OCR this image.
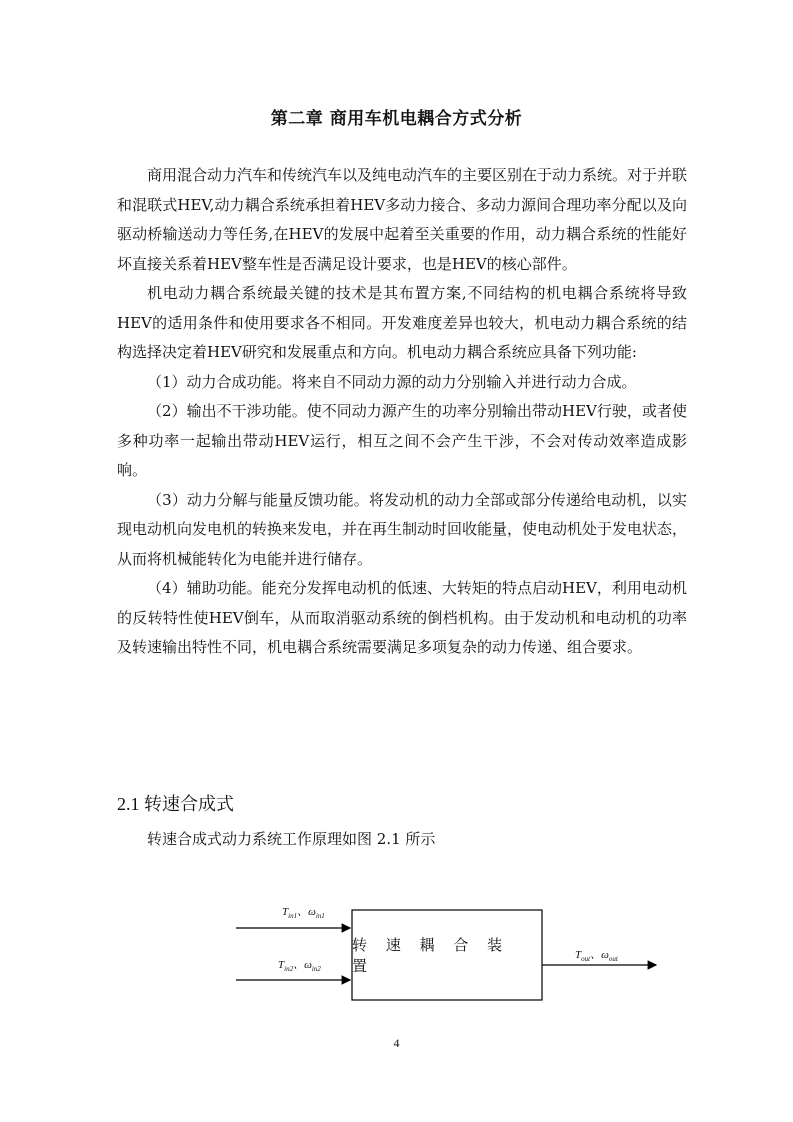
第二章 商用车机电耦合方式分析

商用混合动力汽车和传统汽车以及纯电动汽车的主要区别在于动力系统。对于并联和混联式HEV,动力耦合系统承担着HEV多动力接合、多动力源间合理功率分配以及向驱动桥输送动力等任务,在HEV的发展中起着至关重要的作用，动力耦合系统的性能好坏直接关系着HEV整车性是否满足设计要求，也是HEV的核心部件。

机电动力耦合系统最关键的技术是其布置方案,不同结构的机电耦合系统将导致HEV的适用条件和使用要求各不相同。开发难度差异也较大，机电动力耦合系统的结构选择决定着HEV研究和发展重点和方向。机电动力耦合系统应具备下列功能:

（1）动力合成功能。将来自不同动力源的动力分别输入并进行动力合成。

（2）输出不干涉功能。使不同动力源产生的功率分别输出带动HEV行驶，或者使多种功率一起输出带动HEV运行，相互之间不会产生干涉，不会对传动效率造成影响。

（3）动力分解与能量反馈功能。将发动机的动力全部或部分传递给电动机，以实现电动机向发电机的转换来发电，并在再生制动时回收能量，使电动机处于发电状态，从而将机械能转化为电能并进行储存。

（4）辅助功能。能充分发挥电动机的低速、大转矩的特点启动HEV，利用电动机的反转特性使HEV倒车，从而取消驱动系统的倒档机构。由于发动机和电动机的功率及转速输出特性不同，机电耦合系统需要满足多项复杂的动力传递、组合要求。

2.1 转速合成式
转速合成式动力系统工作原理如图 2.1 所示
转 速 耦 合 装 置
$T_{in1}$、$\omega_{in1}$
$T_{in2}$、$\omega_{in2}$
$T_{out}$、$\omega_{out}$
4
